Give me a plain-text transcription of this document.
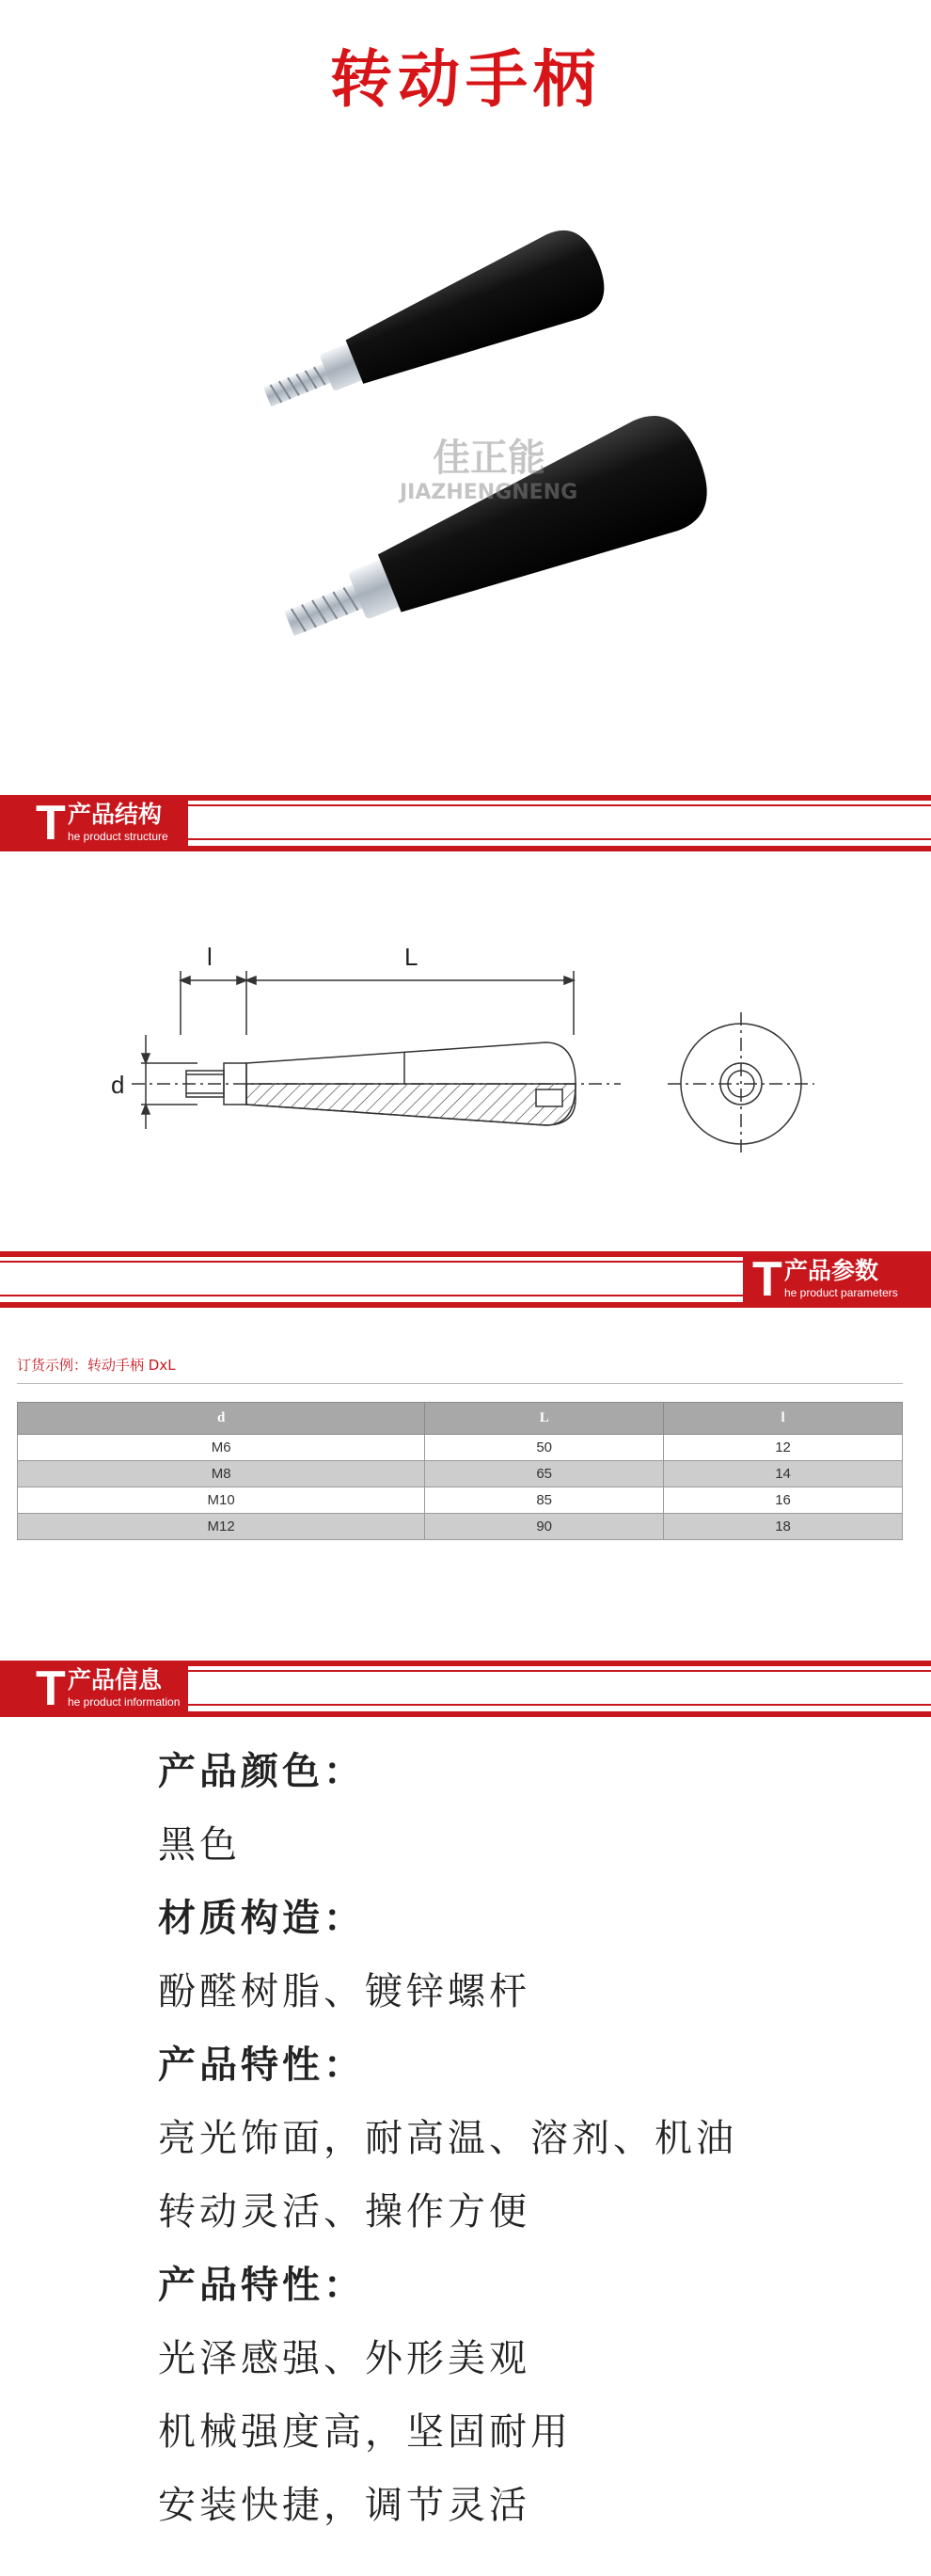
转动手柄
佳正能
JIAZHENGNENG
T 产品结构
he product structure
l	L
d
T 产品参数
he product parameters
订货示例：转动手柄 DxL
d	L	l
M6	50	12
M8	65	14
M10	85	16
M12	90	18
T 产品信息
he product information
产品颜色：
黑色
材质构造：
酚醛树脂、镀锌螺杆
产品特性：
亮光饰面，耐高温、溶剂、机油
转动灵活、操作方便
产品特性：
光泽感强、外形美观
机械强度高，坚固耐用
安装快捷，调节灵活
